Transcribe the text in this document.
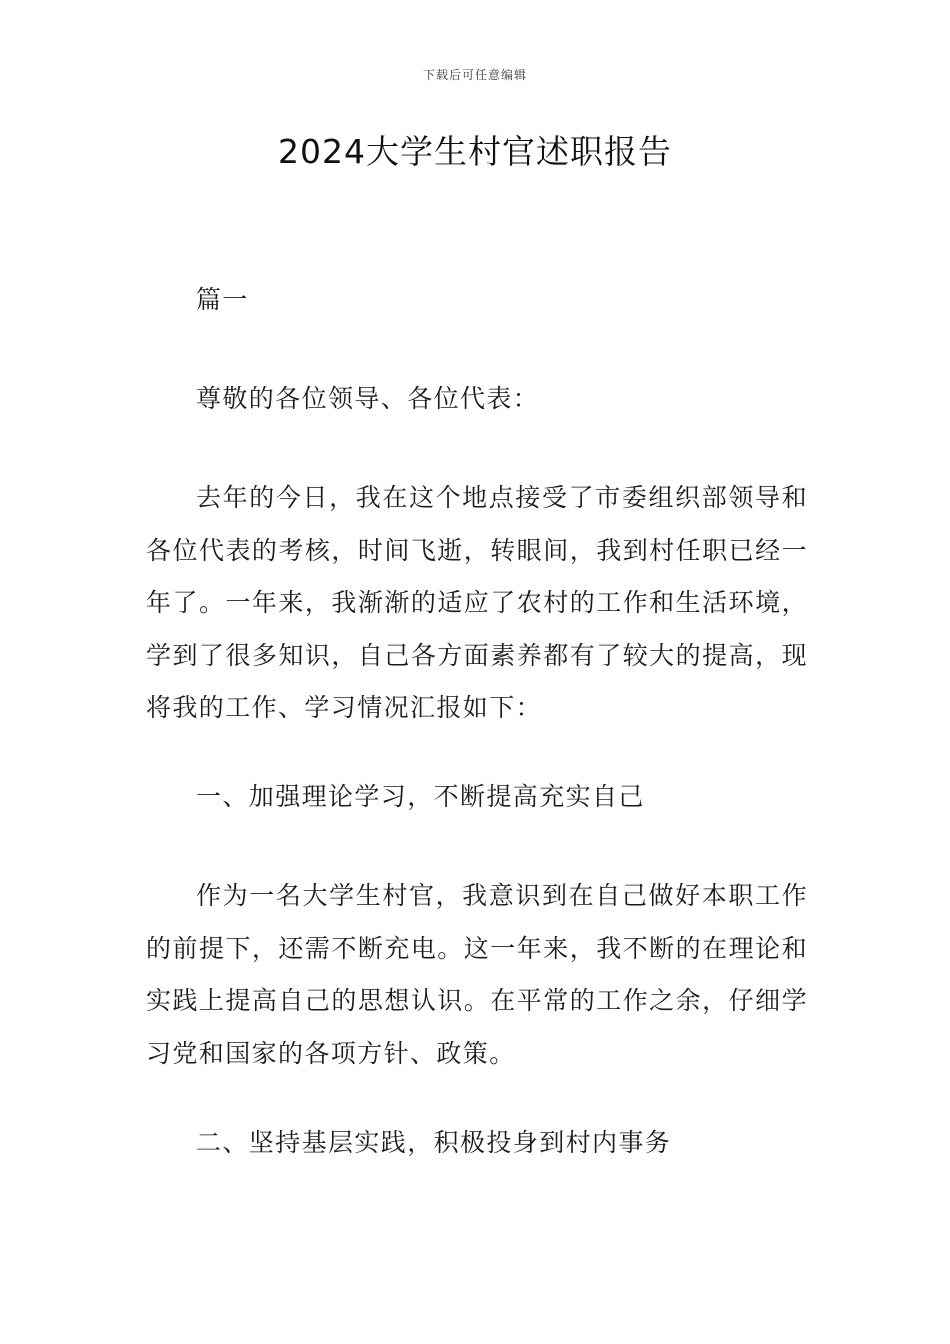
下载后可任意编辑
2024大学生村官述职报告

篇一

尊敬的各位领导、各位代表：

去年的今日，我在这个地点接受了市委组织部领导和各位代表的考核，时间飞逝，转眼间，我到村任职已经一年了。一年来，我渐渐的适应了农村的工作和生活环境，学到了很多知识，自己各方面素养都有了较大的提高，现将我的工作、学习情况汇报如下：

一、加强理论学习，不断提高充实自己

作为一名大学生村官，我意识到在自己做好本职工作的前提下，还需不断充电。这一年来，我不断的在理论和实践上提高自己的思想认识。在平常的工作之余，仔细学习党和国家的各项方针、政策。

二、坚持基层实践，积极投身到村内事务
